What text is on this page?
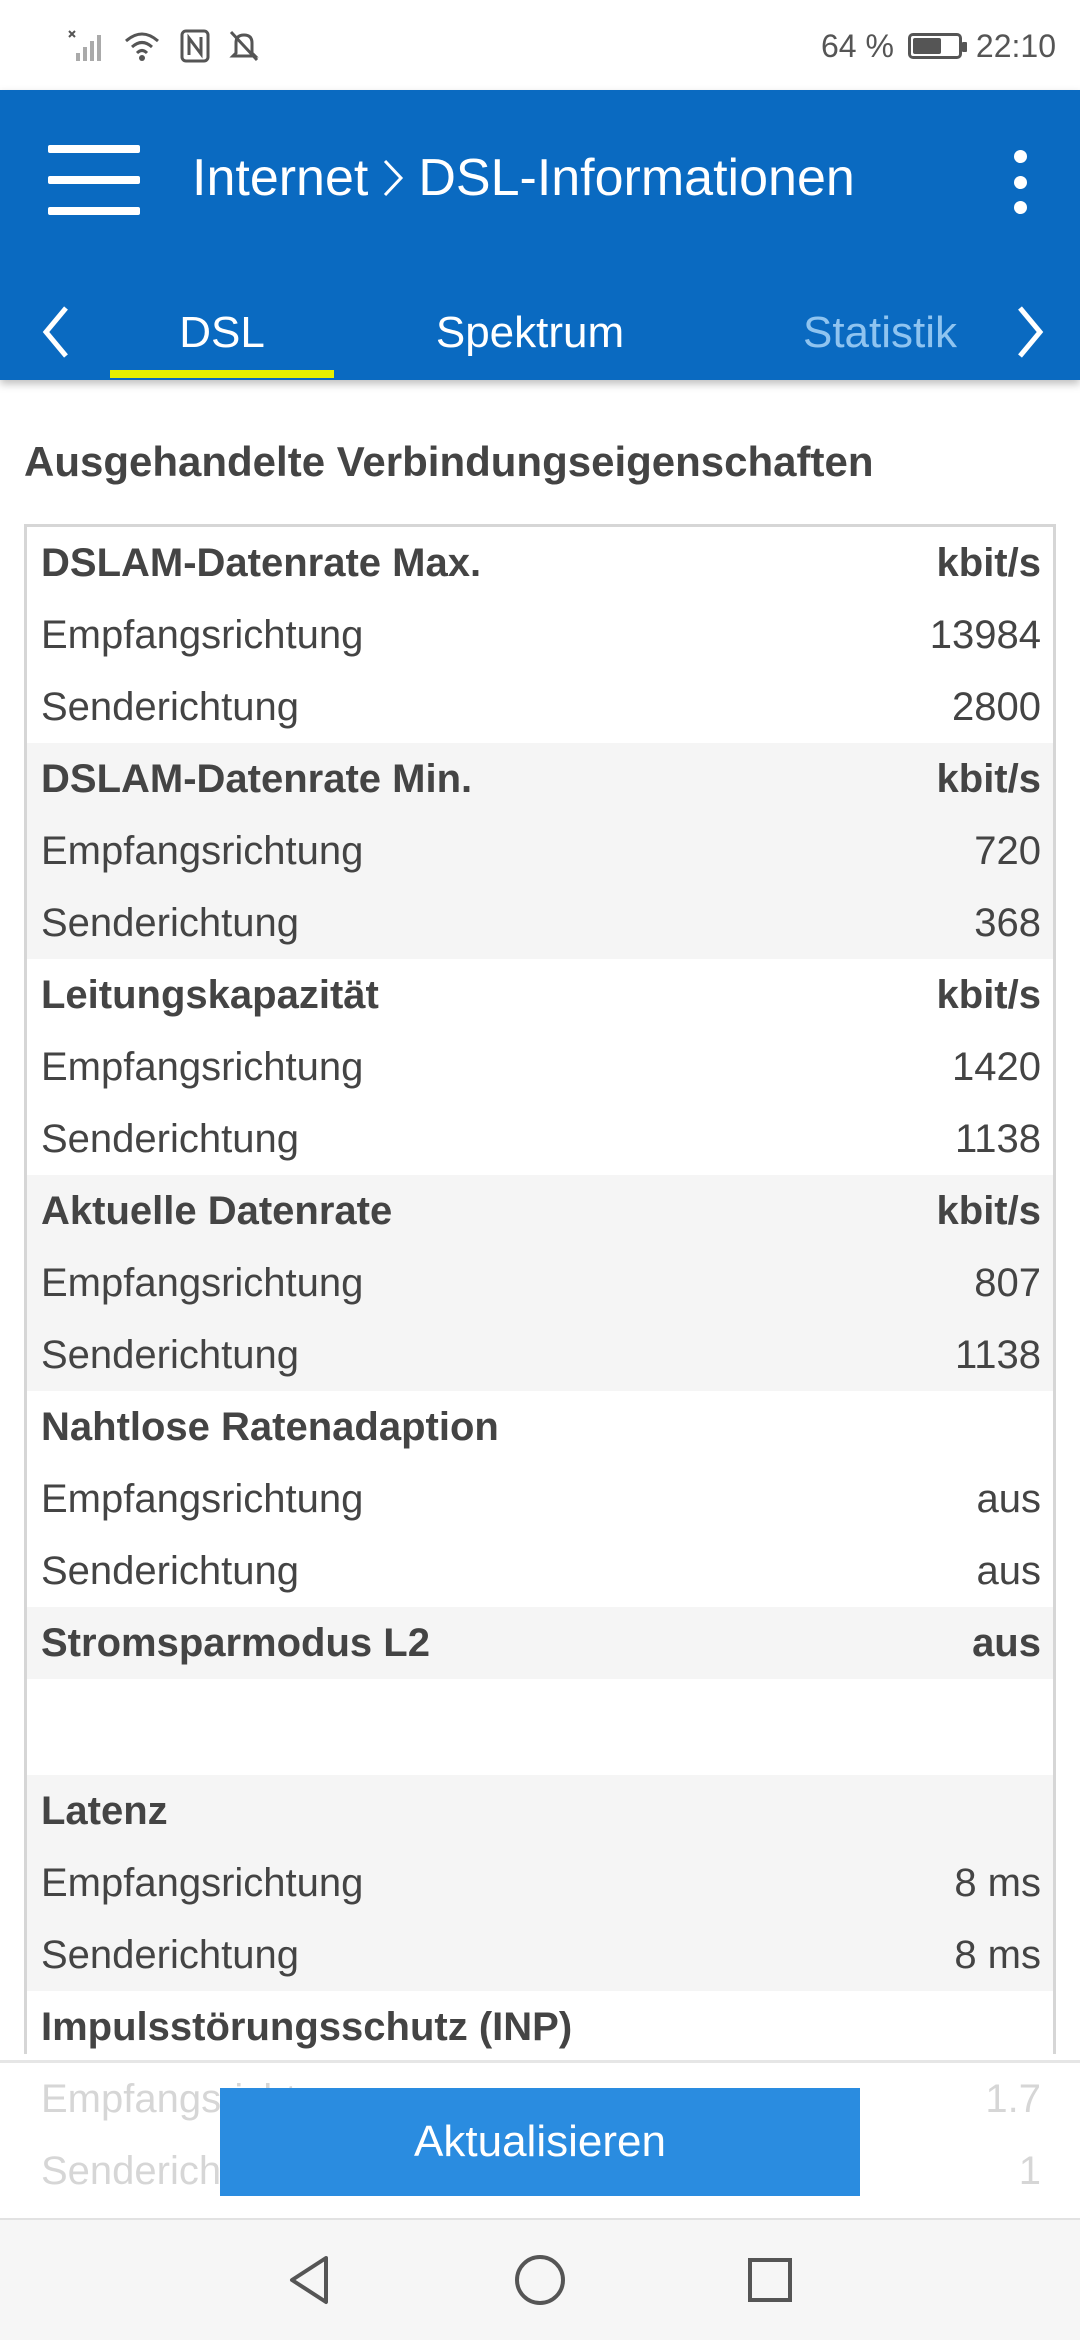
64 %	22:10
Internet DSL-Informationen
DSL	Spektrum	Statistik
Ausgehandelte Verbindungseigenschaften
DSLAM-Datenrate Max.	kbit/s
Empfangsrichtung	13984
Senderichtung	2800
DSLAM-Datenrate Min.	kbit/s
Empfangsrichtung	720
Senderichtung	368
Leitungskapazität	kbit/s
Empfangsrichtung	1420
Senderichtung	1138
Aktuelle Datenrate	kbit/s
Empfangsrichtung	807
Senderichtung	1138
Nahtlose Ratenadaption
Empfangsrichtung	aus
Senderichtung	aus
Stromsparmodus L2	aus
Latenz
Empfangsrichtung	8 ms
Senderichtung	8 ms
Impulsstörungsschutz (INP)
Aktualisieren
